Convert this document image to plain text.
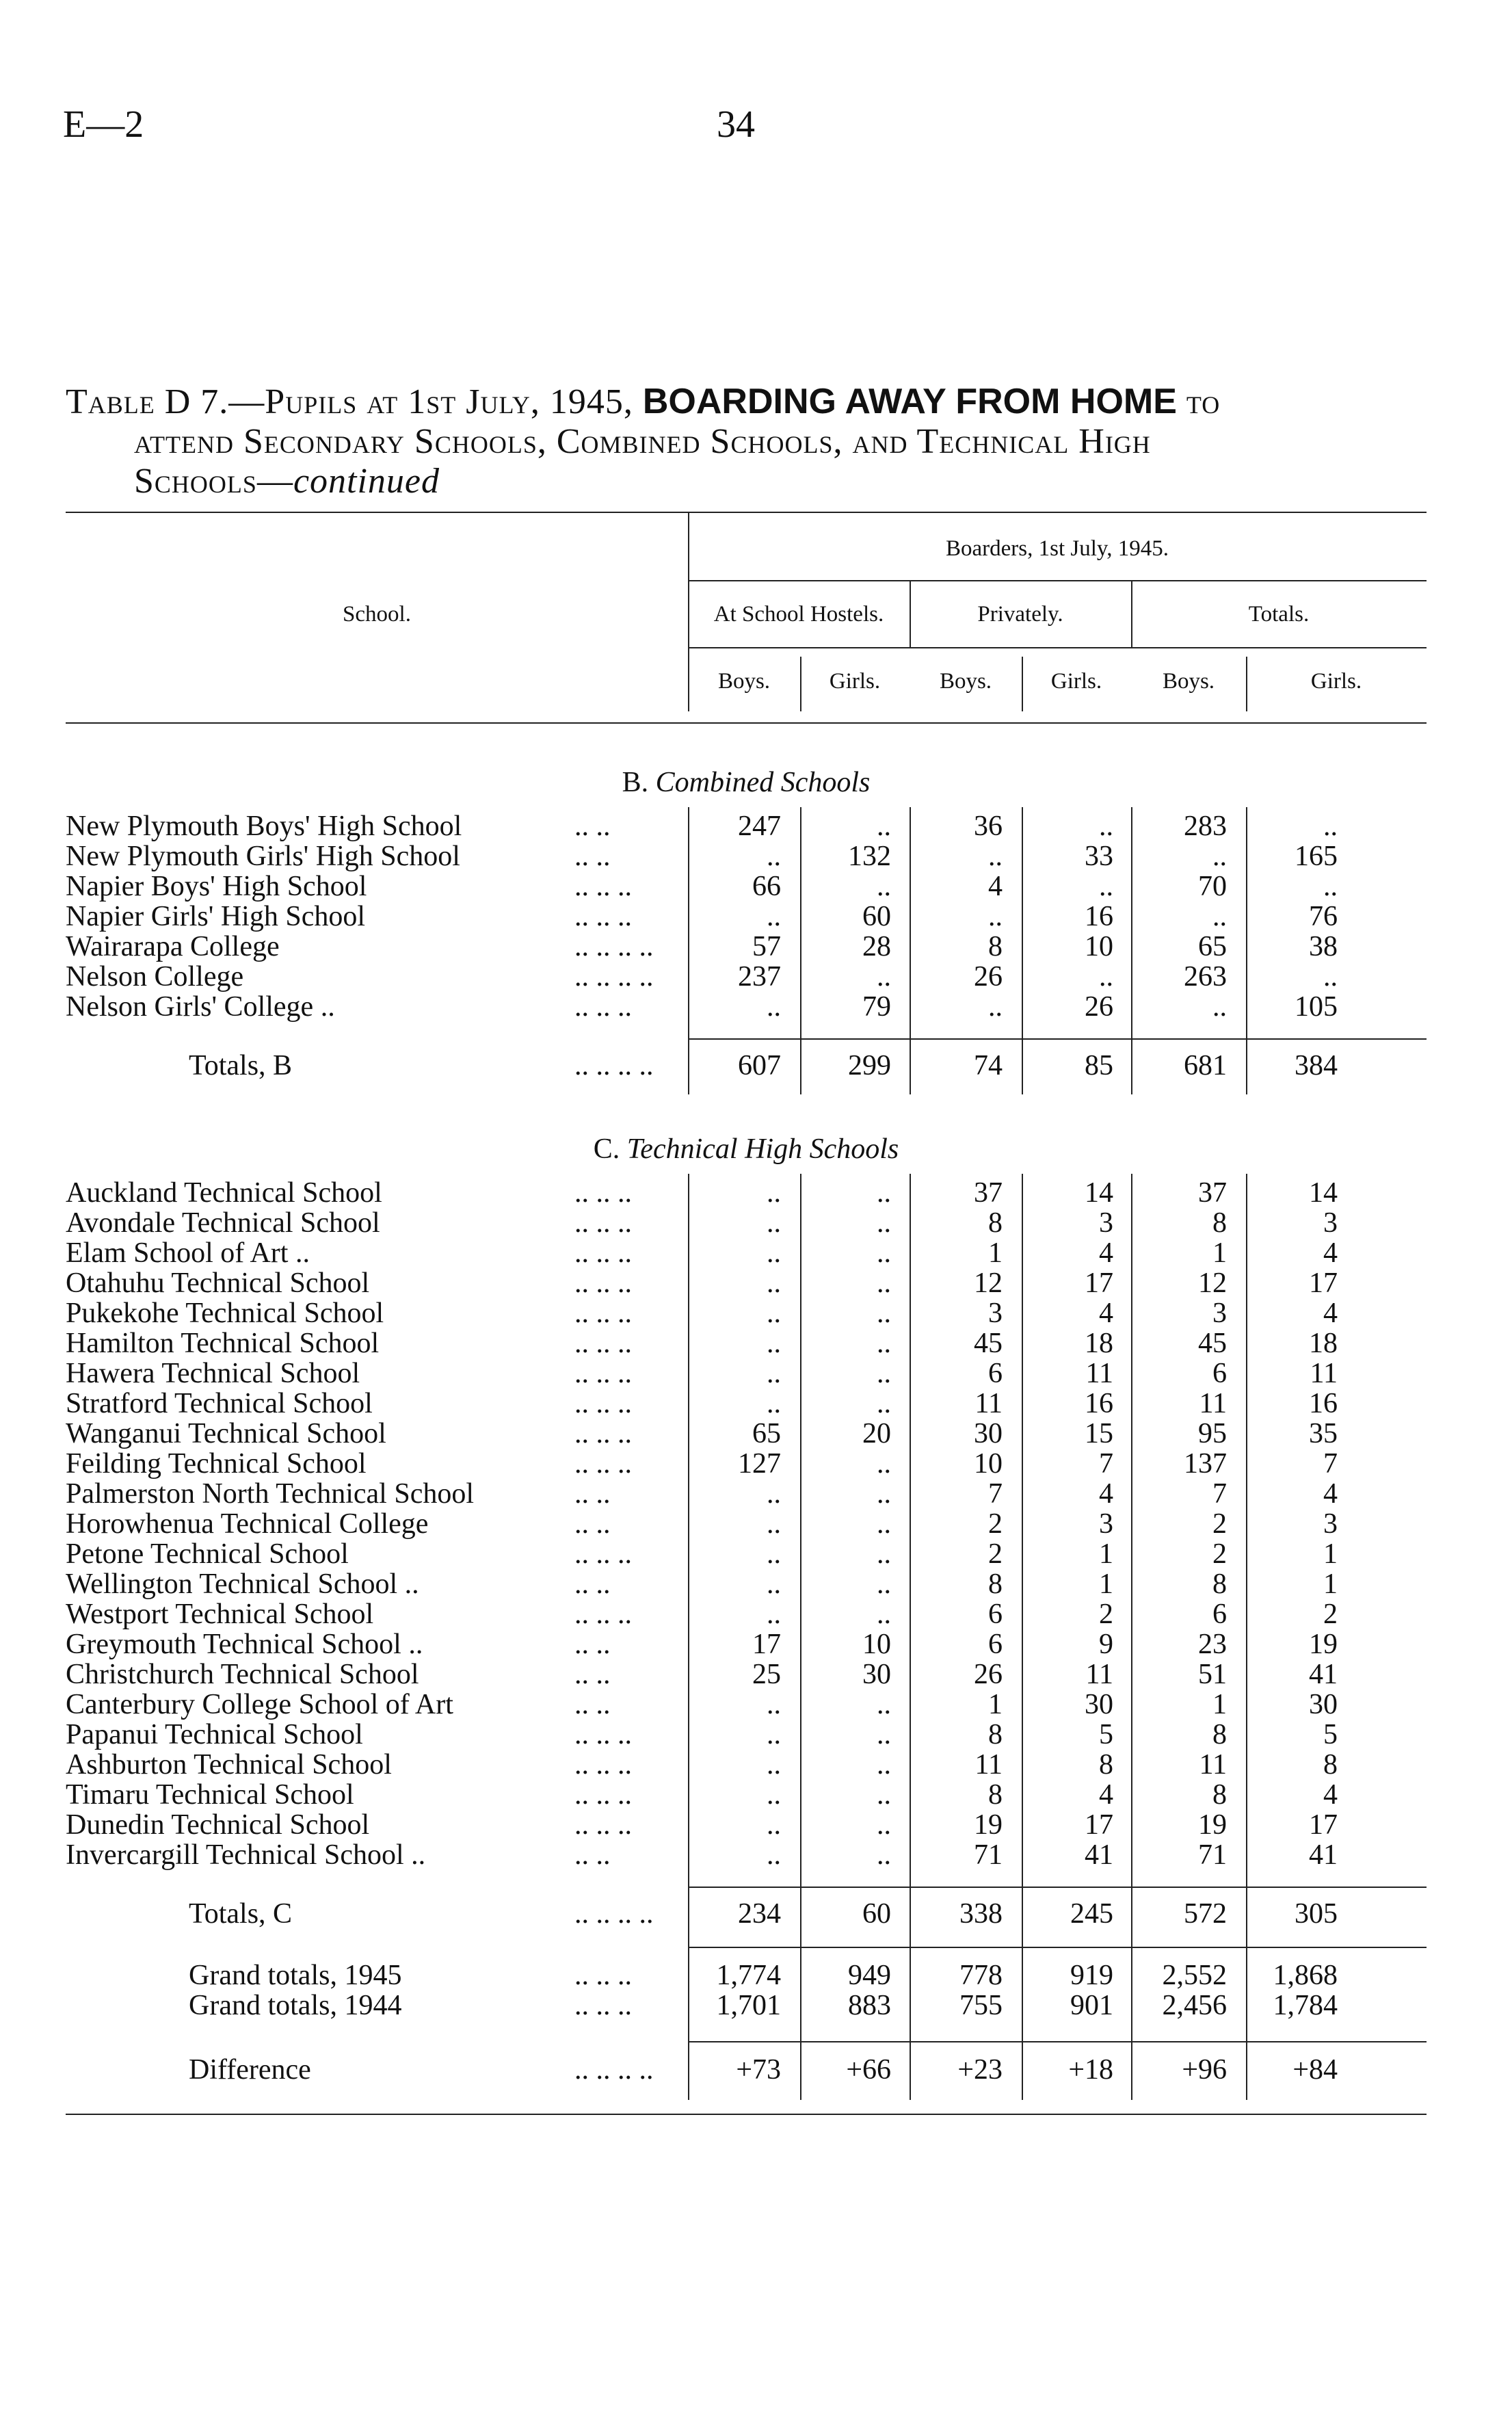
E—2	34
Table D 7.—Pupils at 1st July, 1945, BOARDING AWAY FROM HOME to
attend Secondary Schools, Combined Schools, and Technical High
Schools—continued
School.
Boarders, 1st July, 1945.
At School Hostels.	Privately.	Totals.
Boys.	Girls.	Boys.	Girls.	Boys.	Girls.
B. Combined Schools
New Plymouth Boys' High School	.. ..	247	..	36	..	283	..
New Plymouth Girls' High School	.. ..	..	132	..	33	..	165
Napier Boys' High School	.. .. ..	66	..	4	..	70	..
Napier Girls' High School	.. .. ..	..	60	..	16	..	76
Wairarapa College	.. .. .. ..	57	28	8	10	65	38
Nelson College	.. .. .. ..	237	..	26	..	263	..
Nelson Girls' College ..	.. .. ..	..	79	..	26	..	105
Totals, B	.. .. .. ..	607	299	74	85	681	384
C. Technical High Schools
Auckland Technical School	.. .. ..	..	..	37	14	37	14
Avondale Technical School	.. .. ..	..	..	8	3	8	3
Elam School of Art ..	.. .. ..	..	..	1	4	1	4
Otahuhu Technical School	.. .. ..	..	..	12	17	12	17
Pukekohe Technical School	.. .. ..	..	..	3	4	3	4
Hamilton Technical School	.. .. ..	..	..	45	18	45	18
Hawera Technical School	.. .. ..	..	..	6	11	6	11
Stratford Technical School	.. .. ..	..	..	11	16	11	16
Wanganui Technical School	.. .. ..	65	20	30	15	95	35
Feilding Technical School	.. .. ..	127	..	10	7	137	7
Palmerston North Technical School	.. ..	..	..	7	4	7	4
Horowhenua Technical College	.. ..	..	..	2	3	2	3
Petone Technical School	.. .. ..	..	..	2	1	2	1
Wellington Technical School ..	.. ..	..	..	8	1	8	1
Westport Technical School	.. .. ..	..	..	6	2	6	2
Greymouth Technical School ..	.. ..	17	10	6	9	23	19
Christchurch Technical School	.. ..	25	30	26	11	51	41
Canterbury College School of Art	.. ..	..	..	1	30	1	30
Papanui Technical School	.. .. ..	..	..	8	5	8	5
Ashburton Technical School	.. .. ..	..	..	11	8	11	8
Timaru Technical School	.. .. ..	..	..	8	4	8	4
Dunedin Technical School	.. .. ..	..	..	19	17	19	17
Invercargill Technical School ..	.. ..	..	..	71	41	71	41
Totals, C	.. .. .. ..	234	60	338	245	572	305
Grand totals, 1945	.. .. ..	1,774	949	778	919	2,552	1,868
Grand totals, 1944	.. .. ..	1,701	883	755	901	2,456	1,784
Difference	.. .. .. ..	+73	+66	+23	+18	+96	+84
